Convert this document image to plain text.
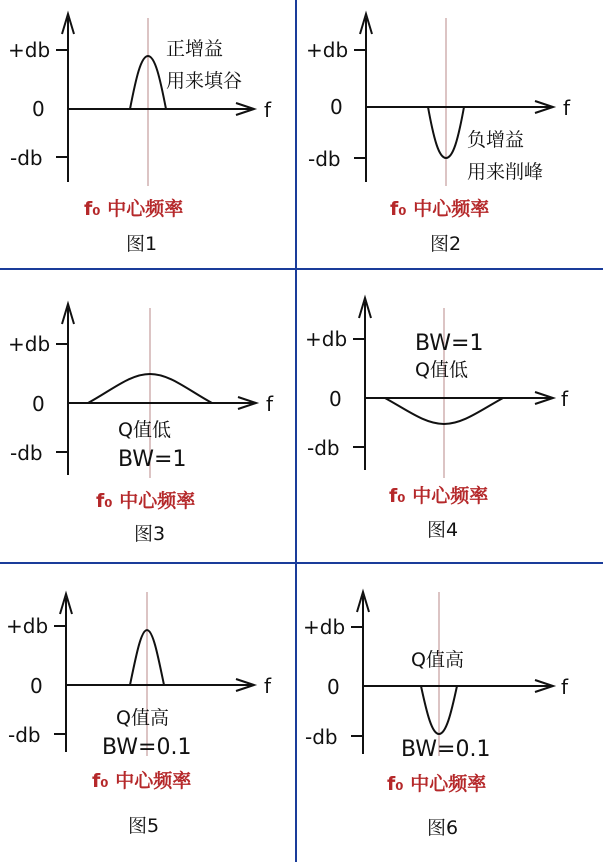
+db
0
-db
f
正增益
用来填谷
f₀ 中心频率
图1
+db
0
-db
f
负增益
用来削峰
f₀ 中心频率
图2
+db
0
-db
f
Q值低
BW=1
f₀ 中心频率
图3
+db
0
-db
f
BW=1
Q值低
f₀ 中心频率
图4
+db
0
-db
f
Q值高
BW=0.1
f₀ 中心频率
图5
+db
0
-db
f
Q值高
BW=0.1
f₀ 中心频率
图6
